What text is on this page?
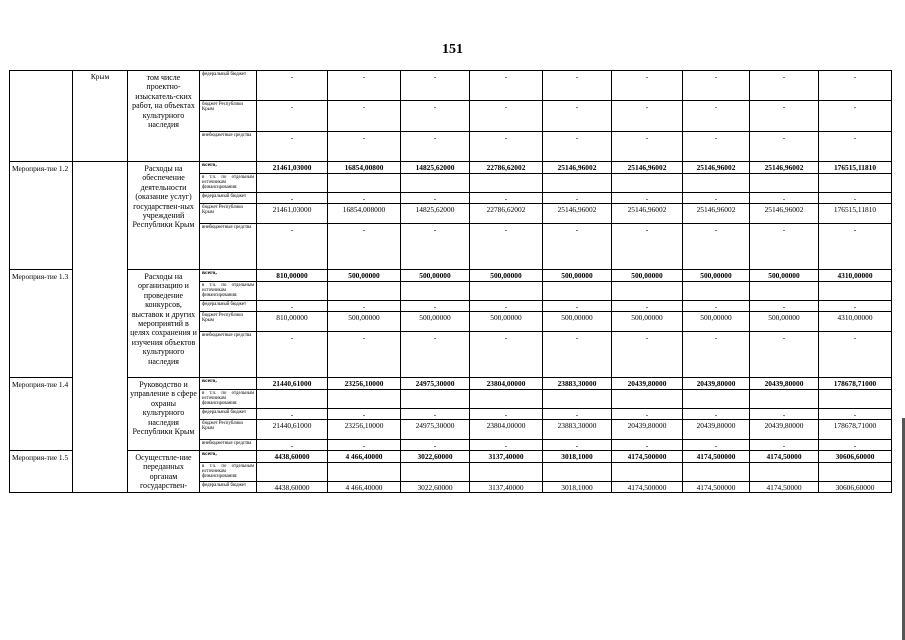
151
	Крым	том числе проектно-изыскатель-ских работ, на объектах культурного наследия	федеральный бюджет	-	-	-	-	-	-	-	-	-
			бюджет Республики Крым	-	-	-	-	-	-	-	-	-
			внебюджетные средства	-	-	-	-	-	-	-	-	-
Мероприя-тие 1.2		Расходы на обеспечение деятельности (оказание услуг) государствен-ных учреждений Республики Крым	всего,	21461,03000	16854,00800	14825,62000	22786,62002	25146,96002	25146,96002	25146,96002	25146,96002	176515,11810
			в т.ч. по отдельным источникам финансирования:									
			федеральный бюджет	-	-	-	-	-	-	-	-	-
			бюджет Республики Крым	21461,03000	16854,008000	14825,62000	22786,62002	25146,96002	25146,96002	25146,96002	25146,96002	176515,11810
			внебюджетные средства	-	-	-	-	-	-	-	-	-
Мероприя-тие 1.3		Расходы на организацию и проведение конкурсов, выставок и других мероприятий в целях сохранения и изучения объектов культурного наследия	всего,	810,00000	500,00000	500,00000	500,00000	500,00000	500,00000	500,00000	500,00000	4310,00000
			в т.ч. по отдельным источникам финансирования:									
			федеральный бюджет	-	-	-	-	-	-	-	-	-
			бюджет Республики Крым	810,00000	500,00000	500,00000	500,00000	500,00000	500,00000	500,00000	500,00000	4310,00000
			внебюджетные средства	-	-	-	-	-	-	-	-	-
Мероприя-тие 1.4		Руководство и управление в сфере охраны культурного наследия Республики Крым	всего,	21440,61000	23256,10000	24975,30000	23804,00000	23883,30000	20439,80000	20439,80000	20439,80000	178678,71000
			в т.ч. по отдельным источникам финансирования:									
			федеральный бюджет	-	-	-	-	-	-	-	-	-
			бюджет Республики Крым	21440,61000	23256,10000	24975,30000	23804,00000	23883,30000	20439,80000	20439,80000	20439,80000	178678,71000
			внебюджетные средства	-	-	-	-	-	-	-	-	-
Мероприя-тие 1.5		Осуществле-ние переданных органам государствен-	всего,	4438,60000	4 466,40000	3022,60000	3137,40000	3018,1000	4174,500000	4174,500000	4174,50000	30606,60000
			в т.ч. по отдельным источникам финансирования:									
			федеральный бюджет	4438,60000	4 466,40000	3022,60000	3137,40000	3018,1000	4174,500000	4174,500000	4174,50000	30606,60000
